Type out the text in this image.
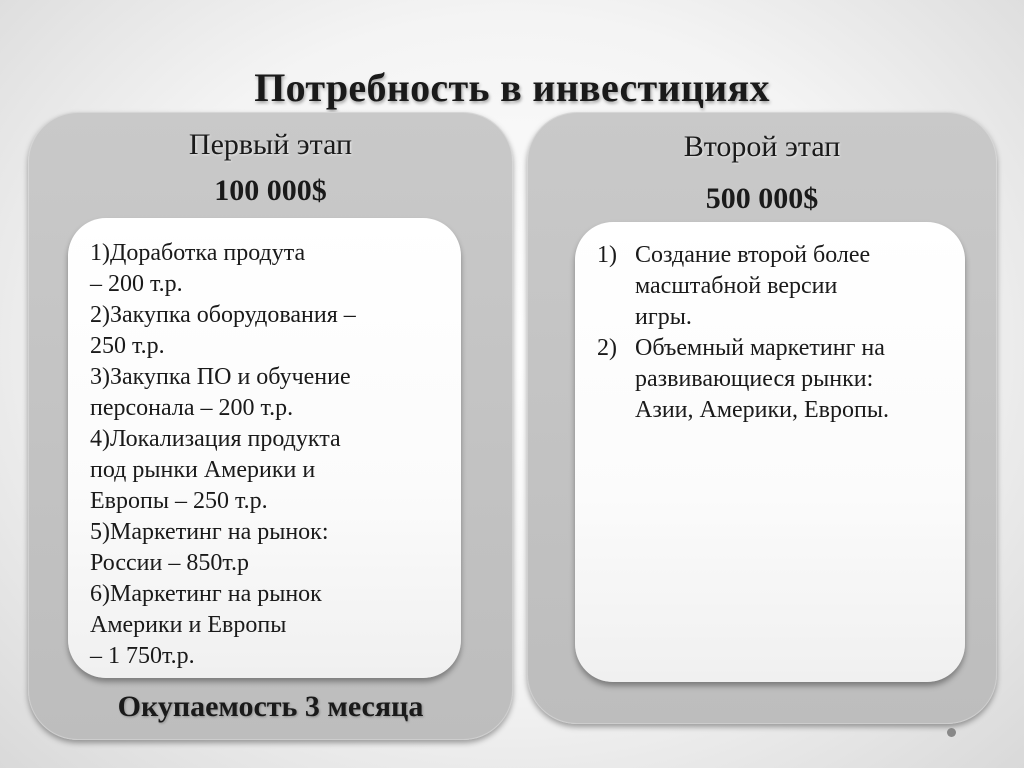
Потребность в инвестициях
Первый этап
100 000$

1)Доработка продута

– 200 т.р.

2)Закупка оборудования –

250 т.р.

3)Закупка ПО и обучение

персонала – 200 т.р.

4)Локализация продукта

под рынки Америки и

Европы – 250 т.р.

5)Маркетинг на рынок:

России – 850т.р

6)Маркетинг на рынок

Америки и Европы

– 1 750т.р.

Окупаемость 3 месяца
Второй этап
500 000$
1) Создание второй более
масштабной версии
игры.
2) Объемный маркетинг на
развивающиеся рынки:
Азии, Америки, Европы.
